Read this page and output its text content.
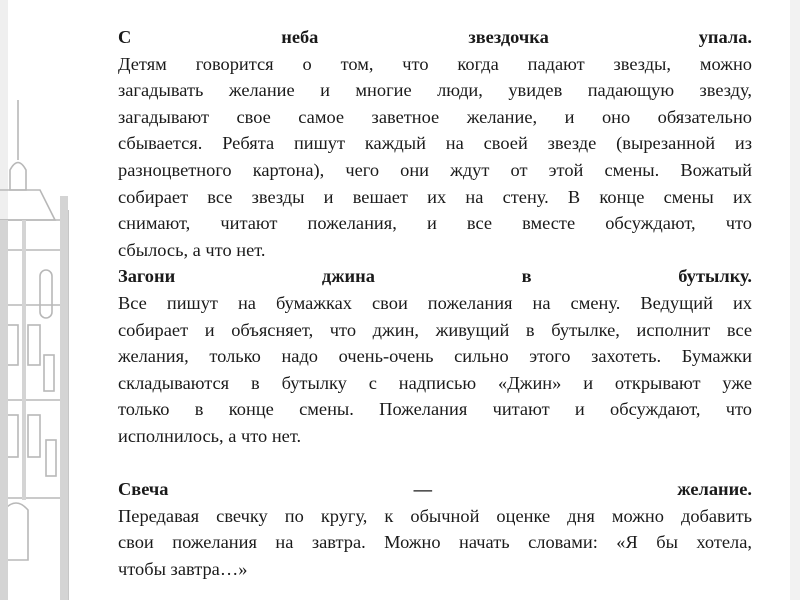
С неба звездочка упала.
Детям говорится о том, что когда падают звезды, можно
загадывать желание и многие люди, увидев падающую звезду,
загадывают свое самое заветное желание, и оно обязательно
сбывается. Ребята пишут каждый на своей звезде (вырезанной из
разноцветного картона), чего они ждут от этой смены. Вожатый
собирает все звезды и вешает их на стену. В конце смены их
снимают, читают пожелания, и все вместе обсуждают, что
сбылось, а что нет.
Загони джина в бутылку.
Все пишут на бумажках свои пожелания на смену. Ведущий их
собирает и объясняет, что джин, живущий в бутылке, исполнит все
желания, только надо очень-очень сильно этого захотеть. Бумажки
складываются в бутылку с надписью «Джин» и открывают уже
только в конце смены. Пожелания читают и обсуждают, что
исполнилось, а что нет.
Свеча — желание.
Передавая свечку по кругу, к обычной оценке дня можно добавить
свои пожелания на завтра. Можно начать словами: «Я бы хотела,
чтобы завтра…»
